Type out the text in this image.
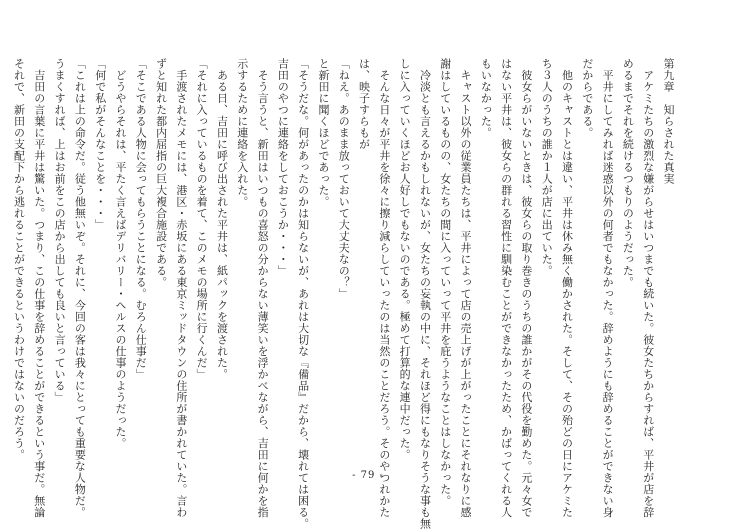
第九章　知らされた真実
　アケミたちの激烈な嫌がらせはいつまでも続いた。彼女たちからすれば、平井が店を辞
めるまでそれを続けるつもりのようだった。
　平井にしてみれば迷惑以外の何者でもなかった。辞めようにも辞めることができない身
だからである。
　他のキャストとは違い、平井は休み無く働かされた。そして、その殆どの日にアケミた
ち３人のうちの誰か１人が店に出ていた。
　彼女らがいないときは、彼女らの取り巻きのうちの誰かがその代役を勤めた。元々女で
はない平井は、彼女らの群れる習性に馴染むことができなかったため、かばってくれる人
もいなかった。
　キャスト以外の従業員たちは、平井によって店の売上げが上がったことにそれなりに感
謝はしているものの、女たちの間に入っていって平井を庇うようなことはしなかった。
　冷淡とも言えるかもしれないが、女たちの妄執の中に、それほど得にもなりそうな事も無
しに入っていくほどお人好しでもないのである。極めて打算的な連中だった。
　そんな日々が平井を徐々に擦り減らしていったのは当然のことだろう。そのやつれかた
は、映子すらもが
「ねえ。あのまま放っておいて大丈夫なの？」
と新田に聞くほどであった。
「そうだな。何があったのかは知らないが、あれは大切な『備品』だから、壊れては困る。
吉田のやつに連絡をしておこうか・・・」
　そう言うと、新田はいつもの喜怒の分からない薄笑いを浮かべながら、吉田に何かを指
示するために連絡を入れた。
　ある日、吉田に呼び出された平井は、紙パックを渡された。
「それに入っているものを着て、このメモの場所に行くんだ」
　手渡されたメモには、港区・赤坂にある東京ミッドタウンの住所が書かれていた。言わ
ずと知れた都内屈指の巨大複合施設である。
「そこである人物に会ってもらうことになる。むろん仕事だ」
　どうやらそれは、平たく言えばデリバリー・ヘルスの仕事のようだった。
「何で私がそんなことを・・・」
「これは上の命令だ。従う他無いぞ。それに、今回の客は我々にとっても重要な人物だ。
うまくすれば、上はお前をこの店から出しても良いと言っている」
　吉田の言葉に平井は驚いた。つまり、この仕事を辞めることができるという事だ。無論
それで、新田の支配下から逃れることができるというわけではないのだろう。
- 79 -
